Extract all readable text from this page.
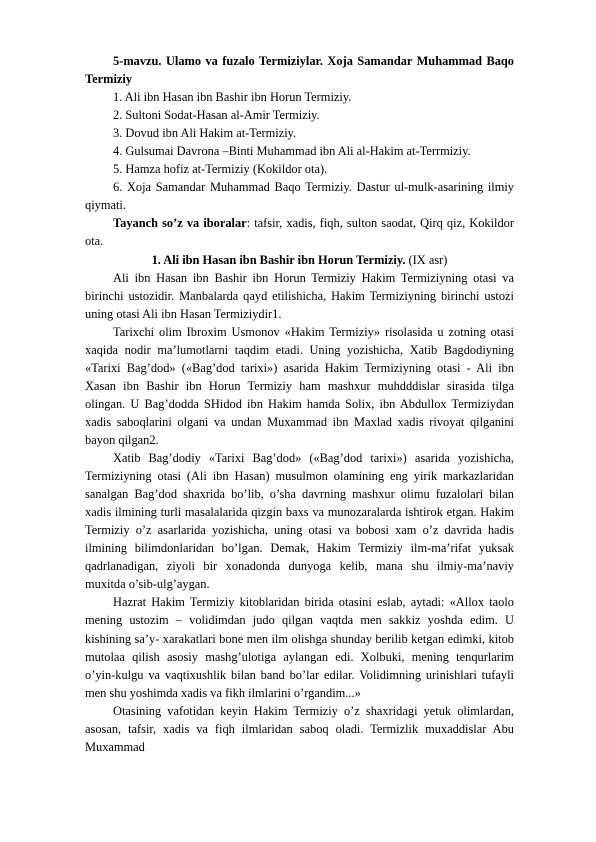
5-mavzu. Ulamo va fuzalo Termiziylar. Xoja Samandar Muhammad Baqo Termiziy

1. Ali ibn Hasan ibn Bashir ibn Horun Termiziy.

2. Sultoni Sodat-Hasan al-Amir Termiziy.

3. Dovud ibn Ali Hakim at-Termiziy.

4. Gulsumai Davrona –Binti Muhammad ibn Ali al-Hakim at-Terrmiziy.

5. Hamza hofiz at-Termiziy (Kokildor ota).

6. Xoja Samandar Muhammad Baqo Termiziy. Dastur ul-mulk-asarining ilmiy qiymati.

Tayanch so’z va iboralar: tafsir, xadis, fiqh, sulton saodat, Qirq qiz, Kokildor ota.

1. Ali ibn Hasan ibn Bashir ibn Horun Termiziy. (IX asr)

Ali ibn Hasan ibn Bashir ibn Horun Termiziy Hakim Termiziyning otasi va birinchi ustozidir. Manbalarda qayd etilishicha, Hakim Termiziyning birinchi ustozi uning otasi Ali ibn Hasan Termiziydir1.

Tarixchi olim Ibroxim Usmonov «Hakim Termiziy» risolasida u zotning otasi xaqida nodir ma’lumotlarni taqdim etadi. Uning yozishicha, Xatib Bagdodiyning «Tarixi Bag’dod» («Bag’dod tarixi») asarida Hakim Termiziyning otasi - Ali ibn Xasan ibn Bashir ibn Horun Termiziy ham mashxur muhdddislar sirasida tilga olingan. U Bag’dodda SHidod ibn Hakim hamda Solix, ibn Abdullox Termiziydan xadis saboqlarini olgani va undan Muxammad ibn Maxlad xadis rivoyat qilganini bayon qilgan2.

Xatib Bag’dodiy «Tarixi Bag’dod» («Bag’dod tarixi») asarida yozishicha, Termiziyning otasi (Ali ibn Hasan) musulmon olamining eng yirik markazlaridan sanalgan Bag’dod shaxrida bo’lib, o’sha davrning mashxur olimu fuzalolari bilan xadis ilmining turli masalalarida qizgin baxs va munozaralarda ishtirok etgan. Hakim Termiziy o’z asarlarida yozishicha, uning otasi va bobosi xam o’z davrida hadis ilmining bilimdonlaridan bo’lgan. Demak, Hakim Termiziy ilm-ma’rifat yuksak qadrlanadigan, ziyoli bir xonadonda dunyoga kelib, mana shu ilmiy-ma’naviy muxitda o’sib-ulg’aygan.

Hazrat Hakim Termiziy kitoblaridan birida otasini eslab, aytadi: «Allox taolo mening ustozim – volidimdan judo qilgan vaqtda men sakkiz yoshda edim. U kishining sa’y- xarakatlari bone men ilm olishga shunday berilib ketgan edimki, kitob mutolaa qilish asosiy mashg’ulotiga aylangan edi. Xolbuki, mening tenqurlarim o’yin-kulgu va vaqtixushlik bilan band bo’lar edilar. Volidimning urinishlari tufayli men shu yoshimda xadis va fikh ilmlarini o’rgandim...»

Otasining vafotidan keyin Hakim Termiziy o’z shaxridagi yetuk olimlardan, asosan, tafsir, xadis va fiqh ilmlaridan saboq oladi. Termizlik muxaddislar Abu Muxammad
